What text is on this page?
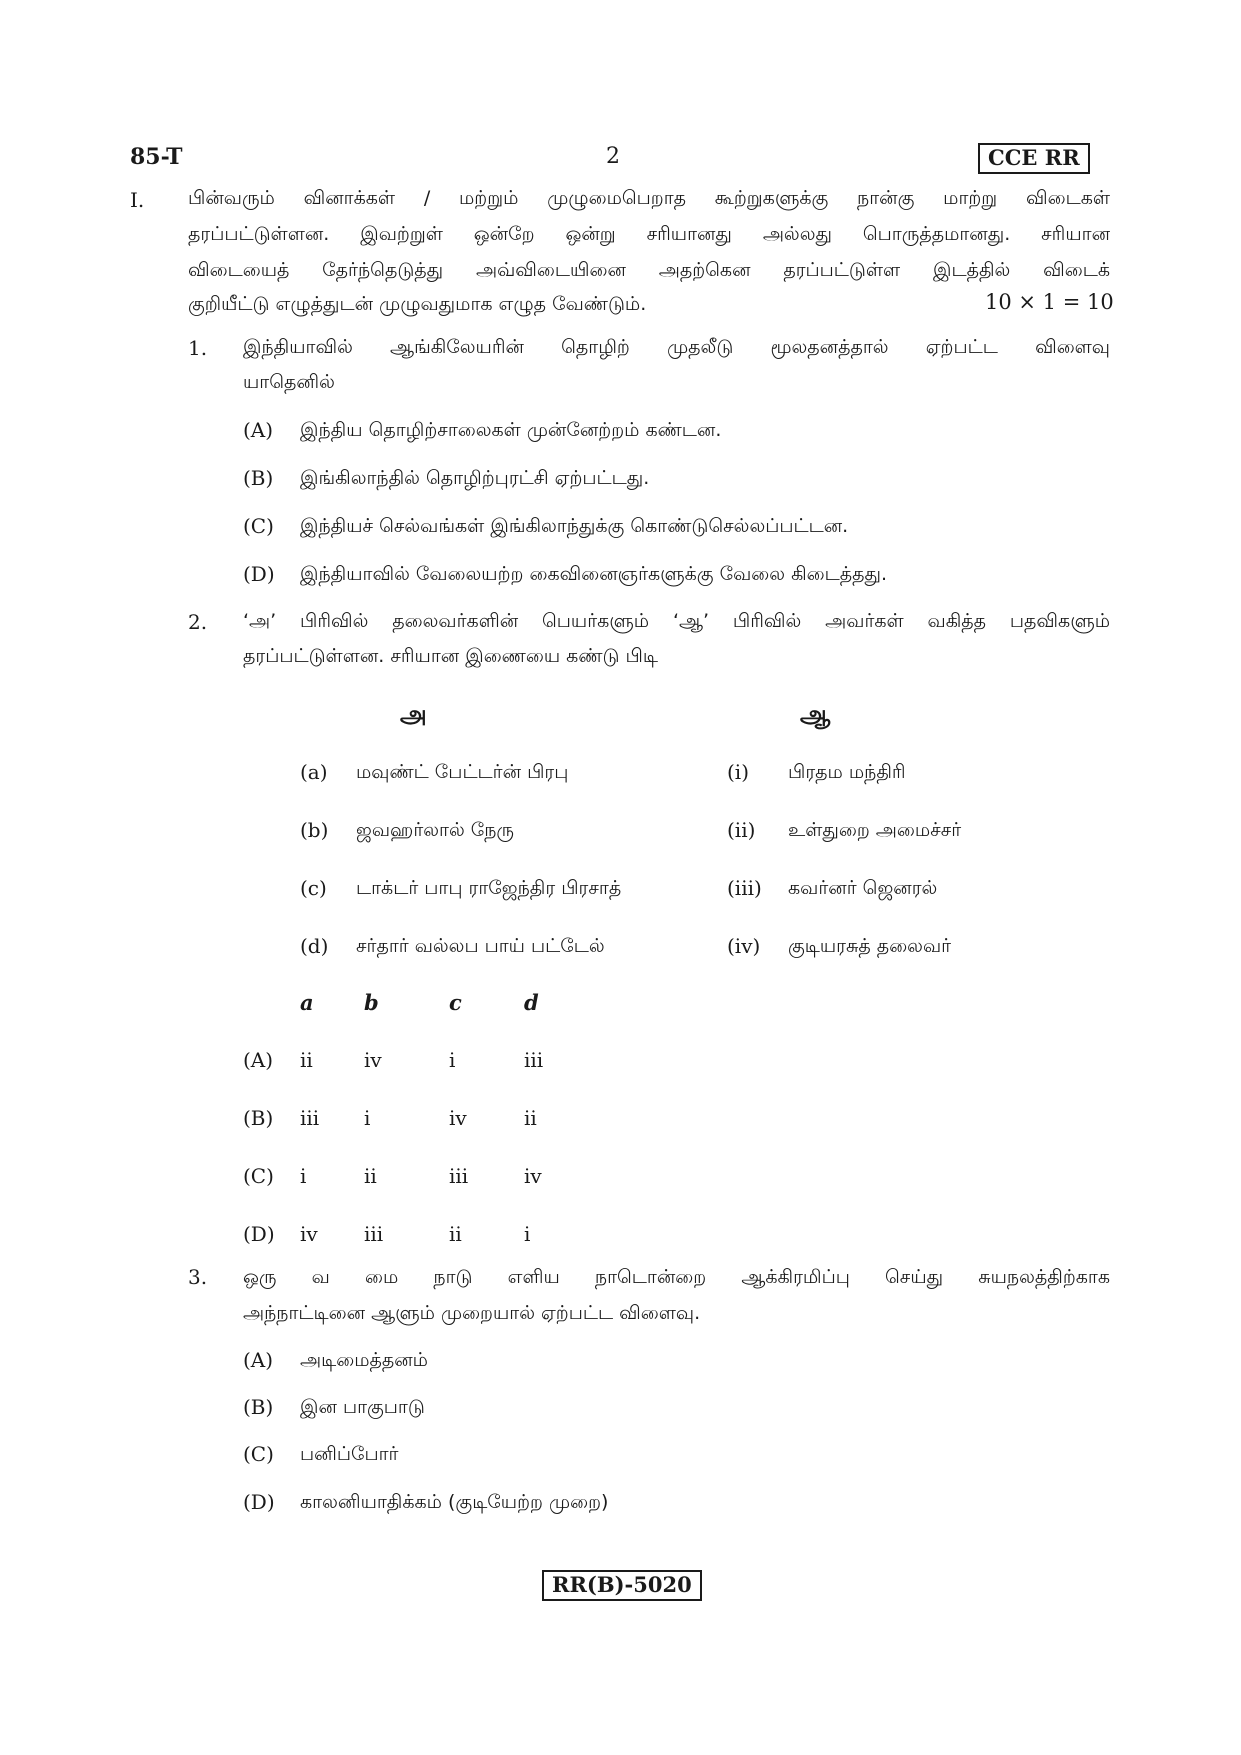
85-T	2	CCE RR
I. பின்வரும் வினாக்கள் / மற்றும் முழுமைபெறாத கூற்றுகளுக்கு நான்கு மாற்று விடைகள்
தரப்பட்டுள்ளன. இவற்றுள் ஒன்றே ஒன்று சரியானது அல்லது பொருத்தமானது. சரியான
விடையைத் தேர்ந்தெடுத்து அவ்விடையினை அதற்கென தரப்பட்டுள்ள இடத்தில் விடைக்
குறியீட்டு எழுத்துடன் முழுவதுமாக எழுத வேண்டும்.	10 × 1 = 10
1. இந்தியாவில் ஆங்கிலேயரின் தொழிற் முதலீடு மூலதனத்தால் ஏற்பட்ட விளைவு
யாதெனில்
(A) இந்திய தொழிற்சாலைகள் முன்னேற்றம் கண்டன.
(B) இங்கிலாந்தில் தொழிற்புரட்சி ஏற்பட்டது.
(C) இந்தியச் செல்வங்கள் இங்கிலாந்துக்கு கொண்டுசெல்லப்பட்டன.
(D) இந்தியாவில் வேலையற்ற கைவினைஞர்களுக்கு வேலை கிடைத்தது.
2. ‘அ’ பிரிவில் தலைவர்களின் பெயர்களும் ‘ஆ’ பிரிவில் அவர்கள் வகித்த பதவிகளும்
தரப்பட்டுள்ளன. சரியான இணையை கண்டு பிடி
அ	ஆ
(a) மவுண்ட் பேட்டர்ன் பிரபு	(i) பிரதம மந்திரி
(b) ஜவஹர்லால் நேரு	(ii) உள்துறை அமைச்சர்
(c) டாக்டர் பாபு ராஜேந்திர பிரசாத்	(iii) கவர்னர் ஜெனரல்
(d) சர்தார் வல்லப பாய் பட்டேல்	(iv) குடியரசுத் தலைவர்
a b	c	d
(A) ii	iv	i	iii
(B) iii i	iv	ii
(C) i	ii	iii	iv
(D) iv iii	ii	i
3. ஒரு வ மை நாடு எளிய நாடொன்றை ஆக்கிரமிப்பு செய்து சுயநலத்திற்காக
அந்நாட்டினை ஆளும் முறையால் ஏற்பட்ட விளைவு.
(A) அடிமைத்தனம்
(B) இன பாகுபாடு
(C) பனிப்போர்
(D) காலனியாதிக்கம் (குடியேற்ற முறை)
RR(B)-5020
